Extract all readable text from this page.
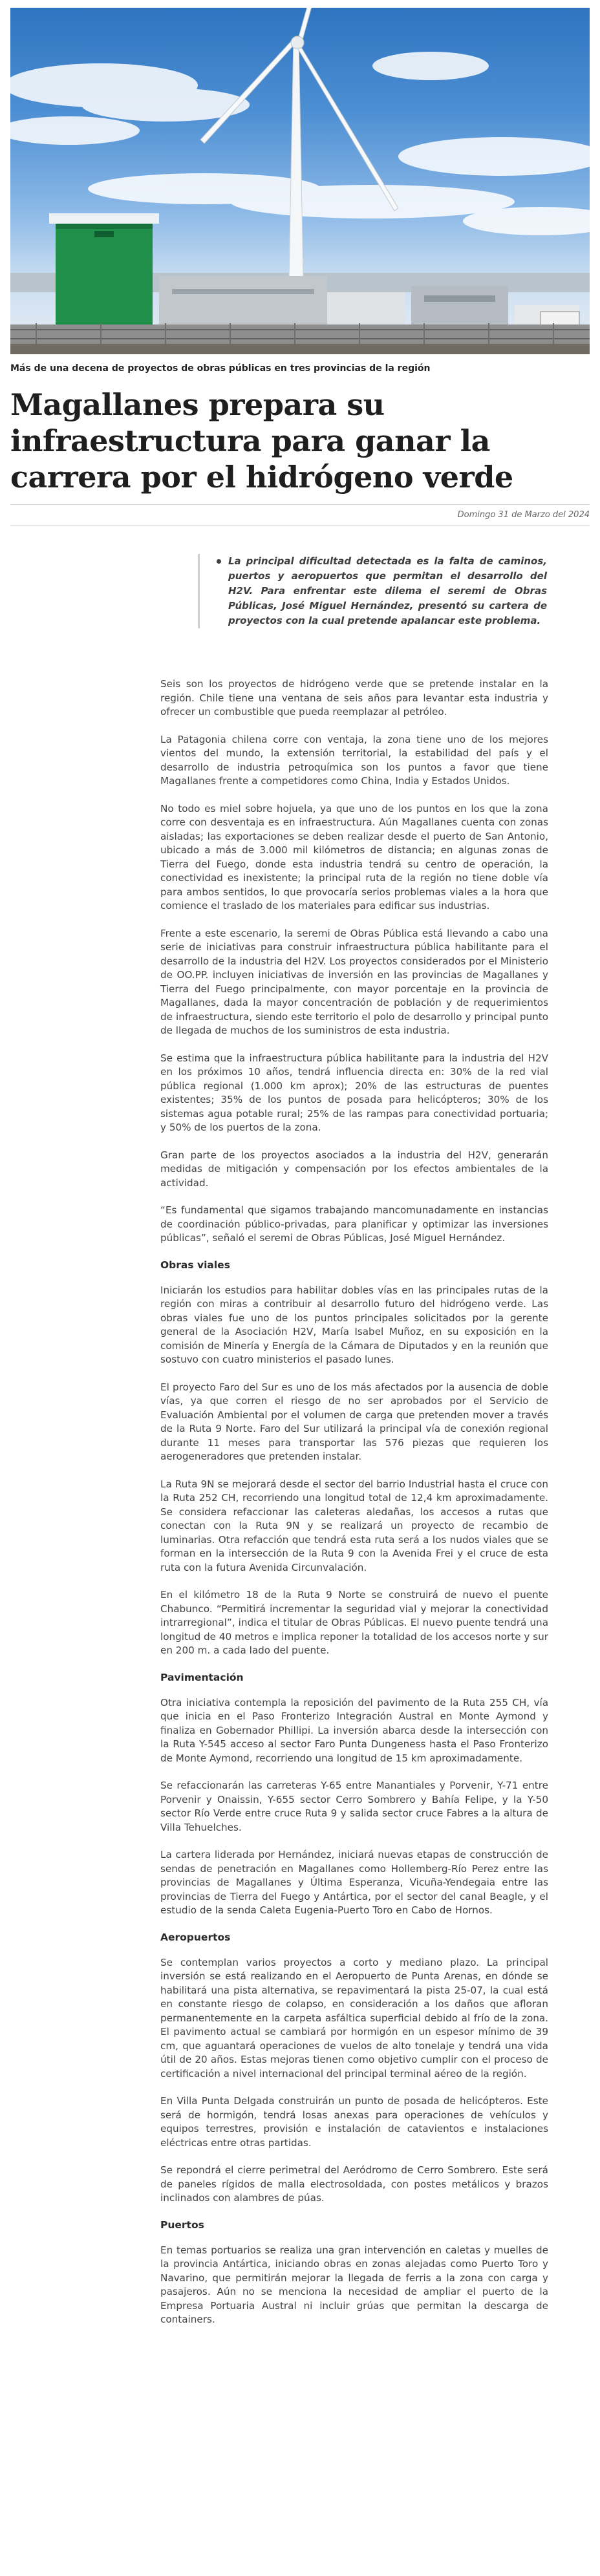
Más de una decena de proyectos de obras públicas en tres provincias de la región
Magallanes prepara su infraestructura para ganar la carrera por el hidrógeno verde
Domingo 31 de Marzo del 2024

La principal dificultad detectada es la falta de caminos, puertos y aeropuertos que permitan el desarrollo del H2V. Para enfrentar este dilema el seremi de Obras Públicas, José Miguel Hernández, presentó su cartera de proyectos con la cual pretende apalancar este problema.

Seis son los proyectos de hidrógeno verde que se pretende instalar en la región. Chile tiene una ventana de seis años para levantar esta industria y ofrecer un combustible que pueda reemplazar al petróleo.

La Patagonia chilena corre con ventaja, la zona tiene uno de los mejores vientos del mundo, la extensión territorial, la estabilidad del país y el desarrollo de industria petroquímica son los puntos a favor que tiene Magallanes frente a competidores como China, India y Estados Unidos.

No todo es miel sobre hojuela, ya que uno de los puntos en los que la zona corre con desventaja es en infraestructura. Aún Magallanes cuenta con zonas aisladas; las exportaciones se deben realizar desde el puerto de San Antonio, ubicado a más de 3.000 mil kilómetros de distancia; en algunas zonas de Tierra del Fuego, donde esta industria tendrá su centro de operación, la conectividad es inexistente; la principal ruta de la región no tiene doble vía para ambos sentidos, lo que provocaría serios problemas viales a la hora que comience el traslado de los materiales para edificar sus industrias.

Frente a este escenario, la seremi de Obras Pública está llevando a cabo una serie de iniciativas para construir infraestructura pública habilitante para el desarrollo de la industria del H2V. Los proyectos considerados por el Ministerio de OO.PP. incluyen iniciativas de inversión en las provincias de Magallanes y Tierra del Fuego principalmente, con mayor porcentaje en la provincia de Magallanes, dada la mayor concentración de población y de requerimientos de infraestructura, siendo este territorio el polo de desarrollo y principal punto de llegada de muchos de los suministros de esta industria.

Se estima que la infraestructura pública habilitante para la industria del H2V en los próximos 10 años, tendrá influencia directa en: 30% de la red vial pública regional (1.000 km aprox); 20% de las estructuras de puentes existentes; 35% de los puntos de posada para helicópteros; 30% de los sistemas agua potable rural; 25% de las rampas para conectividad portuaria; y 50% de los puertos de la zona.

Gran parte de los proyectos asociados a la industria del H2V, generarán medidas de mitigación y compensación por los efectos ambientales de la actividad.

“Es fundamental que sigamos trabajando mancomunadamente en instancias de coordinación público-privadas, para planificar y optimizar las inversiones públicas”, señaló el seremi de Obras Públicas, José Miguel Hernández.

Obras viales

Iniciarán los estudios para habilitar dobles vías en las principales rutas de la región con miras a contribuir al desarrollo futuro del hidrógeno verde. Las obras viales fue uno de los puntos principales solicitados por la gerente general de la Asociación H2V, María Isabel Muñoz, en su exposición en la comisión de Minería y Energía de la Cámara de Diputados y en la reunión que sostuvo con cuatro ministerios el pasado lunes.

El proyecto Faro del Sur es uno de los más afectados por la ausencia de doble vías, ya que corren el riesgo de no ser aprobados por el Servicio de Evaluación Ambiental por el volumen de carga que pretenden mover a través de la Ruta 9 Norte. Faro del Sur utilizará la principal vía de conexión regional durante 11 meses para transportar las 576 piezas que requieren los aerogeneradores que pretenden instalar.

La Ruta 9N se mejorará desde el sector del barrio Industrial hasta el cruce con la Ruta 252 CH, recorriendo una longitud total de 12,4 km aproximadamente. Se considera refaccionar las caleteras aledañas, los accesos a rutas que conectan con la Ruta 9N y se realizará un proyecto de recambio de luminarias. Otra refacción que tendrá esta ruta será a los nudos viales que se forman en la intersección de la Ruta 9 con la Avenida Frei y el cruce de esta ruta con la futura Avenida Circunvalación.

En el kilómetro 18 de la Ruta 9 Norte se construirá de nuevo el puente Chabunco. “Permitirá incrementar la seguridad vial y mejorar la conectividad intrarregional”, indica el titular de Obras Públicas. El nuevo puente tendrá una longitud de 40 metros e implica reponer la totalidad de los accesos norte y sur en 200 m. a cada lado del puente.

Pavimentación

Otra iniciativa contempla la reposición del pavimento de la Ruta 255 CH, vía que inicia en el Paso Fronterizo Integración Austral en Monte Aymond y finaliza en Gobernador Phillipi. La inversión abarca desde la intersección con la Ruta Y-545 acceso al sector Faro Punta Dungeness hasta el Paso Fronterizo de Monte Aymond, recorriendo una longitud de 15 km aproximadamente.

Se refaccionarán las carreteras Y-65 entre Manantiales y Porvenir, Y-71 entre Porvenir y Onaissin, Y-655 sector Cerro Sombrero y Bahía Felipe, y la Y-50 sector Río Verde entre cruce Ruta 9 y salida sector cruce Fabres a la altura de Villa Tehuelches.

La cartera liderada por Hernández, iniciará nuevas etapas de construcción de sendas de penetración en Magallanes como Hollemberg-Río Perez entre las provincias de Magallanes y Última Esperanza, Vicuña-Yendegaia entre las provincias de Tierra del Fuego y Antártica, por el sector del canal Beagle, y el estudio de la senda Caleta Eugenia-Puerto Toro en Cabo de Hornos.

Aeropuertos

Se contemplan varios proyectos a corto y mediano plazo. La principal inversión se está realizando en el Aeropuerto de Punta Arenas, en dónde se habilitará una pista alternativa, se repavimentará la pista 25-07, la cual está en constante riesgo de colapso, en consideración a los daños que afloran permanentemente en la carpeta asfáltica superficial debido al frío de la zona. El pavimento actual se cambiará por hormigón en un espesor mínimo de 39 cm, que aguantará operaciones de vuelos de alto tonelaje y tendrá una vida útil de 20 años. Estas mejoras tienen como objetivo cumplir con el proceso de certificación a nivel internacional del principal terminal aéreo de la región.

En Villa Punta Delgada construirán un punto de posada de helicópteros. Este será de hormigón, tendrá losas anexas para operaciones de vehículos y equipos terrestres, provisión e instalación de catavientos e instalaciones eléctricas entre otras partidas.

Se repondrá el cierre perimetral del Aeródromo de Cerro Sombrero. Este será de paneles rígidos de malla electrosoldada, con postes metálicos y brazos inclinados con alambres de púas.

Puertos

En temas portuarios se realiza una gran intervención en caletas y muelles de la provincia Antártica, iniciando obras en zonas alejadas como Puerto Toro y Navarino, que permitirán mejorar la llegada de ferris a la zona con carga y pasajeros. Aún no se menciona la necesidad de ampliar el puerto de la Empresa Portuaria Austral ni incluir grúas que permitan la descarga de containers.
